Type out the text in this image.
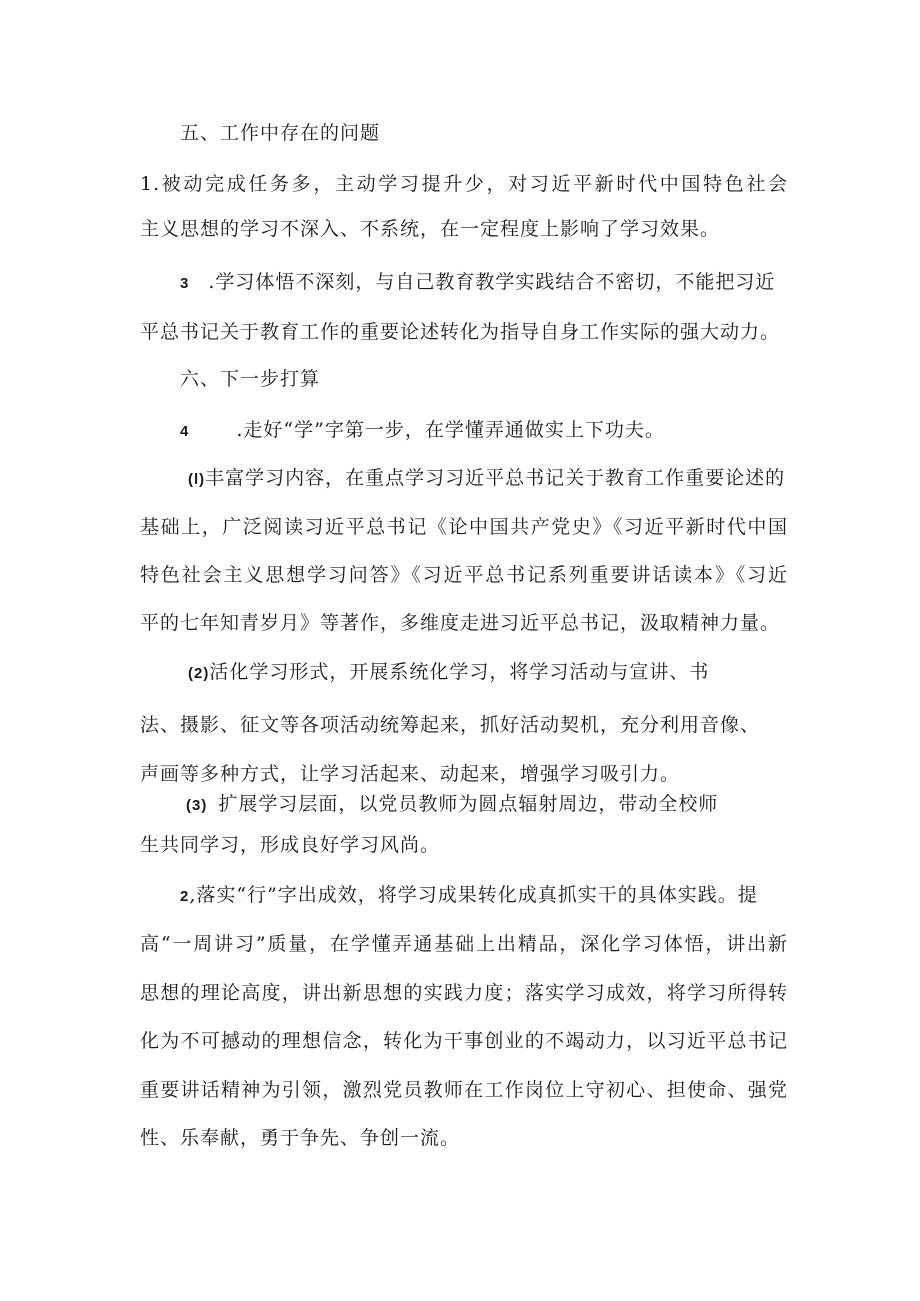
五、工作中存在的问题
1.被动完成任务多，主动学习提升少，对习近平新时代中国特色社会
主义思想的学习不深入、不系统，在一定程度上影响了学习效果。
3 .学习体悟不深刻，与自己教育教学实践结合不密切，不能把习近
平总书记关于教育工作的重要论述转化为指导自身工作实际的强大动力。
六、下一步打算
4 .走好“学”字第一步，在学懂弄通做实上下功夫。
(l)丰富学习内容，在重点学习习近平总书记关于教育工作重要论述的
基础上，广泛阅读习近平总书记《论中国共产党史》《习近平新时代中国
特色社会主义思想学习问答》《习近平总书记系列重要讲话读本》《习近
平的七年知青岁月》等著作，多维度走进习近平总书记，汲取精神力量。
(2)活化学习形式，开展系统化学习，将学习活动与宣讲、书
法、摄影、征文等各项活动统筹起来，抓好活动契机，充分利用音像、
声画等多种方式，让学习活起来、动起来，增强学习吸引力。
(3) 扩展学习层面，以党员教师为圆点辐射周边，带动全校师
生共同学习，形成良好学习风尚。
2,落实“行”字出成效，将学习成果转化成真抓实干的具体实践。提
高“一周讲习”质量，在学懂弄通基础上出精品，深化学习体悟，讲出新
思想的理论高度，讲出新思想的实践力度；落实学习成效，将学习所得转
化为不可撼动的理想信念，转化为干事创业的不竭动力，以习近平总书记
重要讲话精神为引领，激烈党员教师在工作岗位上守初心、担使命、强党
性、乐奉献，勇于争先、争创一流。
